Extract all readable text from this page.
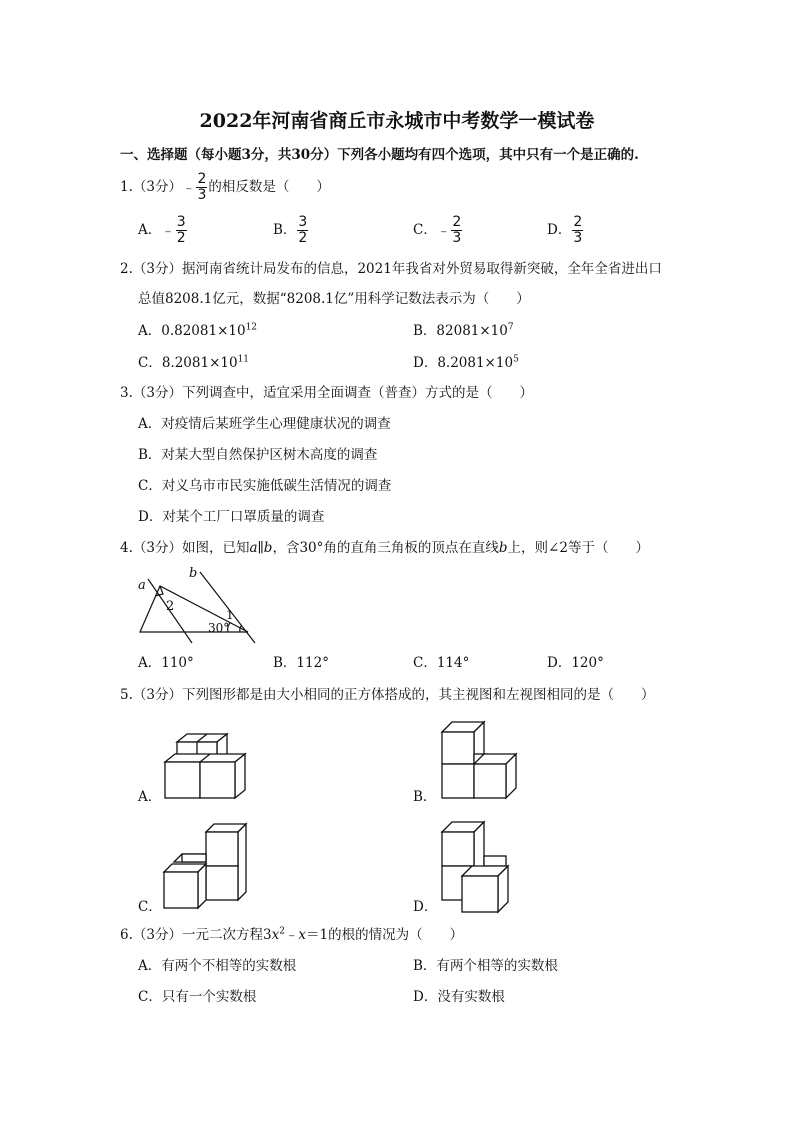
2022年河南省商丘市永城市中考数学一模试卷
一、选择题（每小题3分，共30分）下列各小题均有四个选项，其中只有一个是正确的.
1.（3分）﹣ $\frac{2}{3}$ 的相反数是（　　）
A．﹣ $\frac{3}{2}$	B． $\frac{3}{2}$	C．﹣ $\frac{2}{3}$	D． $\frac{2}{3}$
2.（3分）据河南省统计局发布的信息，2021年我省对外贸易取得新突破，全年全省进出口
总值8208.1亿元，数据“8208.1亿”用科学记数法表示为（　　）
A．$0.82081\times 10^{12}$	B．$82081\times 10^7$
C．$8.2081\times 10^{11}$	D．$8.2081\times 10^5$
3.（3分）下列调查中，适宜采用全面调查（普查）方式的是（　　）
A．对疫情后某班学生心理健康状况的调查
B．对某大型自然保护区树木高度的调查
C．对义乌市市民实施低碳生活情况的调查
D．对某个工厂口罩质量的调查
4.（3分）如图，已知a∥b，含30°角的直角三角板的顶点在直线b上，则∠2等于（　　）
a
b
2
1
30°
A．110°	B．112°	C．114°	D．120°
5.（3分）下列图形都是由大小相同的正方体搭成的，其主视图和左视图相同的是（　　）
A．	B．
C．	D．
6.（3分）一元二次方程$3x^2﹣x=1$的根的情况为（　　）
A．有两个不相等的实数根	B．有两个相等的实数根
C．只有一个实数根	D．没有实数根
